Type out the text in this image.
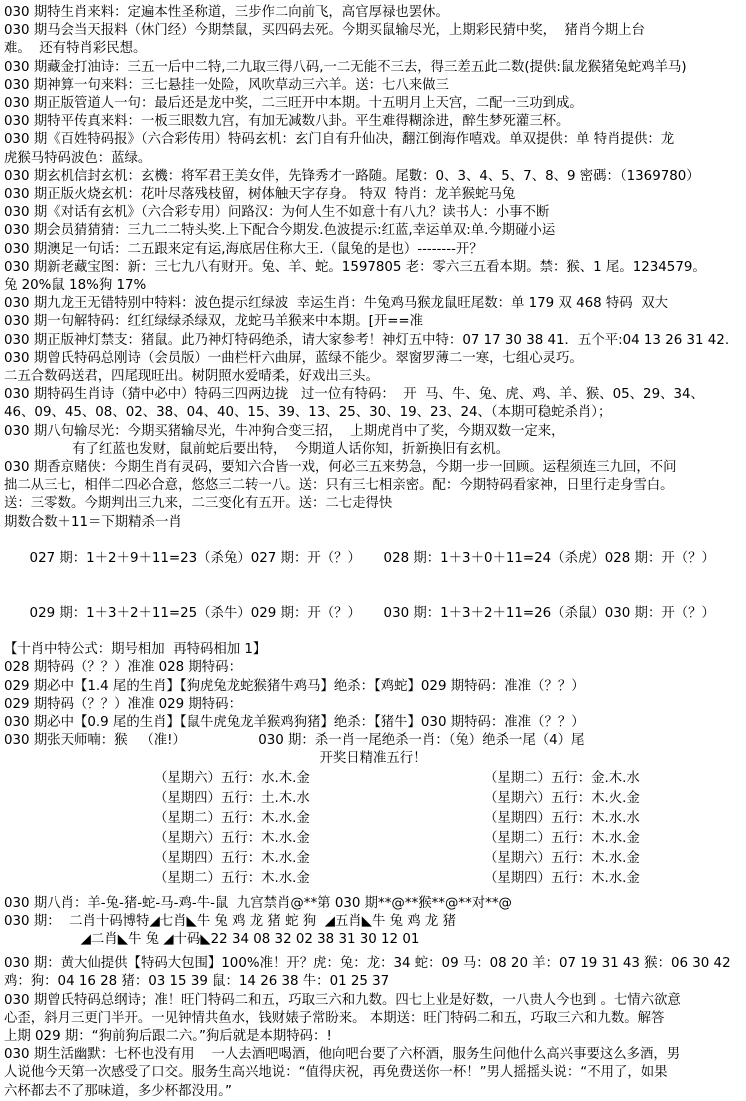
030 期特生肖来料：定遍本性圣称道，三步作二向前飞，高官厚禄也罢休。
030 期马会当天报料（休门经）今期禁鼠，买四码去死。今期买鼠输尽光，上期彩民猜中奖，  猪肖今期上台
难。  还有特肖彩民想。
030 期藏金打油诗：三五一后中二特,二九取三得八码,一二无能不三去，得三差五此二数(提供:鼠龙猴猪兔蛇鸡羊马)
030 期神算一句来料：三七悬挂一处险，风吹草动三六羊。送：七八来做三
030 期正版管道人一句：最后还是龙中奖，二三旺开中本期。十五明月上天宫，二配一三功到成。
030 期特平传真来料：一板三眼数九宫，有加无减数八卦。平生难得糊涂进，醉生梦死灌三杯。
030 期《百姓特码报》（六合彩传用）特码玄机：玄门自有升仙决，翻江倒海作嘻戏。单双提供：单 特肖提供：龙
虎猴马特码波色：蓝绿。
030 期玄机信封玄机：玄機：将军君王美女伴，先锋秀才一路随。尾數：0、3、4、5、7、8、9 密碼：（1369780）
030 期正版火烧玄机：花叶尽落残枝留，树体触天字存身。 特双  特肖：龙羊猴蛇马兔
030 期《对话有玄机》（六合彩专用）问路汉：为何人生不如意十有八九？读书人：小事不断
030 期会员猜猜猜：三九二二特头奖.上下配合今期发.色波提示:红蓝,幸运单双:单.今期碰小运
030 期澳足一句话：二五跟来定有运,海底居住称大王.（鼠兔的是也）--------开？
030 期新老藏宝图：新：三七九八有财开。兔、羊、蛇。1597805 老：零六三五看本期。禁：猴、1 尾。1234579。
兔 20%鼠 18%狗 17%
030 期九龙王无错特别中特料：波色提示红绿波  幸运生肖：牛兔鸡马猴龙鼠旺尾数：单 179 双 468 特码  双大
030 期一句解特码：红红绿绿杀绿双，龙蛇马羊猴来中本期。[开==准
030 期正版神灯禁支：猪鼠。此乃神灯特码绝杀，请大家参考！神灯五中特：07 17 30 38 41．五个平:04 13 26 31 42.
030 期曾氏特码总刚诗（会员版）一曲栏杆六曲屏，蓝绿不能少。翠窗罗薄二一寒，七组心灵巧。
二五合数码送君，四尾现旺出。树阴照水爱晴柔，好戏出三头。
030 期特码生肖诗（猜中必中）特码三四两边拢   过一位有特码：  开  马、牛、兔、虎、鸡、羊、猴、05、29、34、
46、09、45、08、02、38、04、40、15、39、13、25、30、19、23、24、（本期可稳蛇杀肖）；
030 期八句输尽光：今期买猪输尽光，牛冲狗合变三招，  上期虎肖中了奖，今期双数一定来，
有了红蓝也发财，鼠前蛇后要出特，  今期道人话你知，折新换旧有玄机。
030 期香京赌侠：今期生肖有灵码，要知六合皆一戏，何必三五来势急，今期一步一回顾。运程须连三九回，不问
拙二从三七，相伴二四必合意，悠悠三二转一八。送：只有三七相亲密。配：今期特码看家神，日里行走身雪白。
送：三零数。今期判出三九来，二三变化有五开。送：二七走得快
期数合数＋11＝下期精杀一肖

027 期：1＋2＋9＋11=23（杀兔）027 期：开（？） 028 期：1＋3＋0＋11=24（杀虎）028 期：开（？）

029 期：1＋3＋2＋11=25（杀牛）029 期：开（？） 030 期：1＋3＋2＋11=26（杀鼠）030 期：开（？）

【十肖中特公式：期号相加  再特码相加 1】
028 期特码（？？）准准 028 期特码：
029 期必中【1.4 尾的生肖】【狗虎兔龙蛇猴猪牛鸡马】绝杀：【鸡蛇】029 期特码：准准（？？）
029 期特码（？？）准准 029 期特码：
030 期必中【0.9 尾的生肖】【鼠牛虎兔龙羊猴鸡狗猪】绝杀：【猪牛】030 期特码：准准（？？）
030 期张天师喃：猴   （准!）                 030 期：杀一肖一尾绝杀一肖：（兔）绝杀一尾（4）尾
开奖日精准五行！
（星期六）五行：水.木.金	（星期二）五行：金.木.水
（星期四）五行：土.木.水	（星期六）五行：木.火.金
（星期二）五行：木.水.金	（星期四）五行：木.水.水
（星期六）五行：木.水.金	（星期二）五行：木.水.金
（星期四）五行：木.水.金	（星期六）五行：木.水.金
（星期二）五行：木.水.金	（星期四）五行：木.水.金
030 期八肖：羊-兔-猪-蛇-马-鸡-牛-鼠  九宫禁肖@**第 030 期**@**猴**@**对**@
030 期：  二肖十码博特◢七肖◣牛 兔 鸡 龙 猪 蛇 狗  ◢五肖◣牛 兔 鸡 龙 猪
◢二肖◣牛 兔 ◢十码◣22 34 08 32 02 38 31 30 12 01
030 期：黄大仙提供【特码大包围】100%准！开？虎：兔：龙：34 蛇：09 马：08 20 羊：07 19 31 43 猴：06 30 42
鸡：狗：04 16 28 猪：03 15 39 鼠：14 26 38 牛：01 25 37
030 期曾氏特码总纲诗；准！旺门特码二和五，巧取三六和九数。四七上业是好数，一八贵人今也到 。七情六欲意
心歪，斜月三更门半开。一见钟情共鱼水，钱财婊子常盼来。 本期送：旺门特码二和五，巧取三六和九数。解答
上期 029 期：“狗前狗后跟二六。”狗后就是本期特码：!
030 期生活幽默：七杯也没有用    一人去酒吧喝酒，他向吧台要了六杯酒，服务生问他什么高兴事要这么多酒，男
人说他今天第一次感受了口交。服务生高兴地说：“值得庆祝，再免费送你一杯！”男人摇摇头说：“不用了，如果
六杯都去不了那味道，多少杯都没用。”
